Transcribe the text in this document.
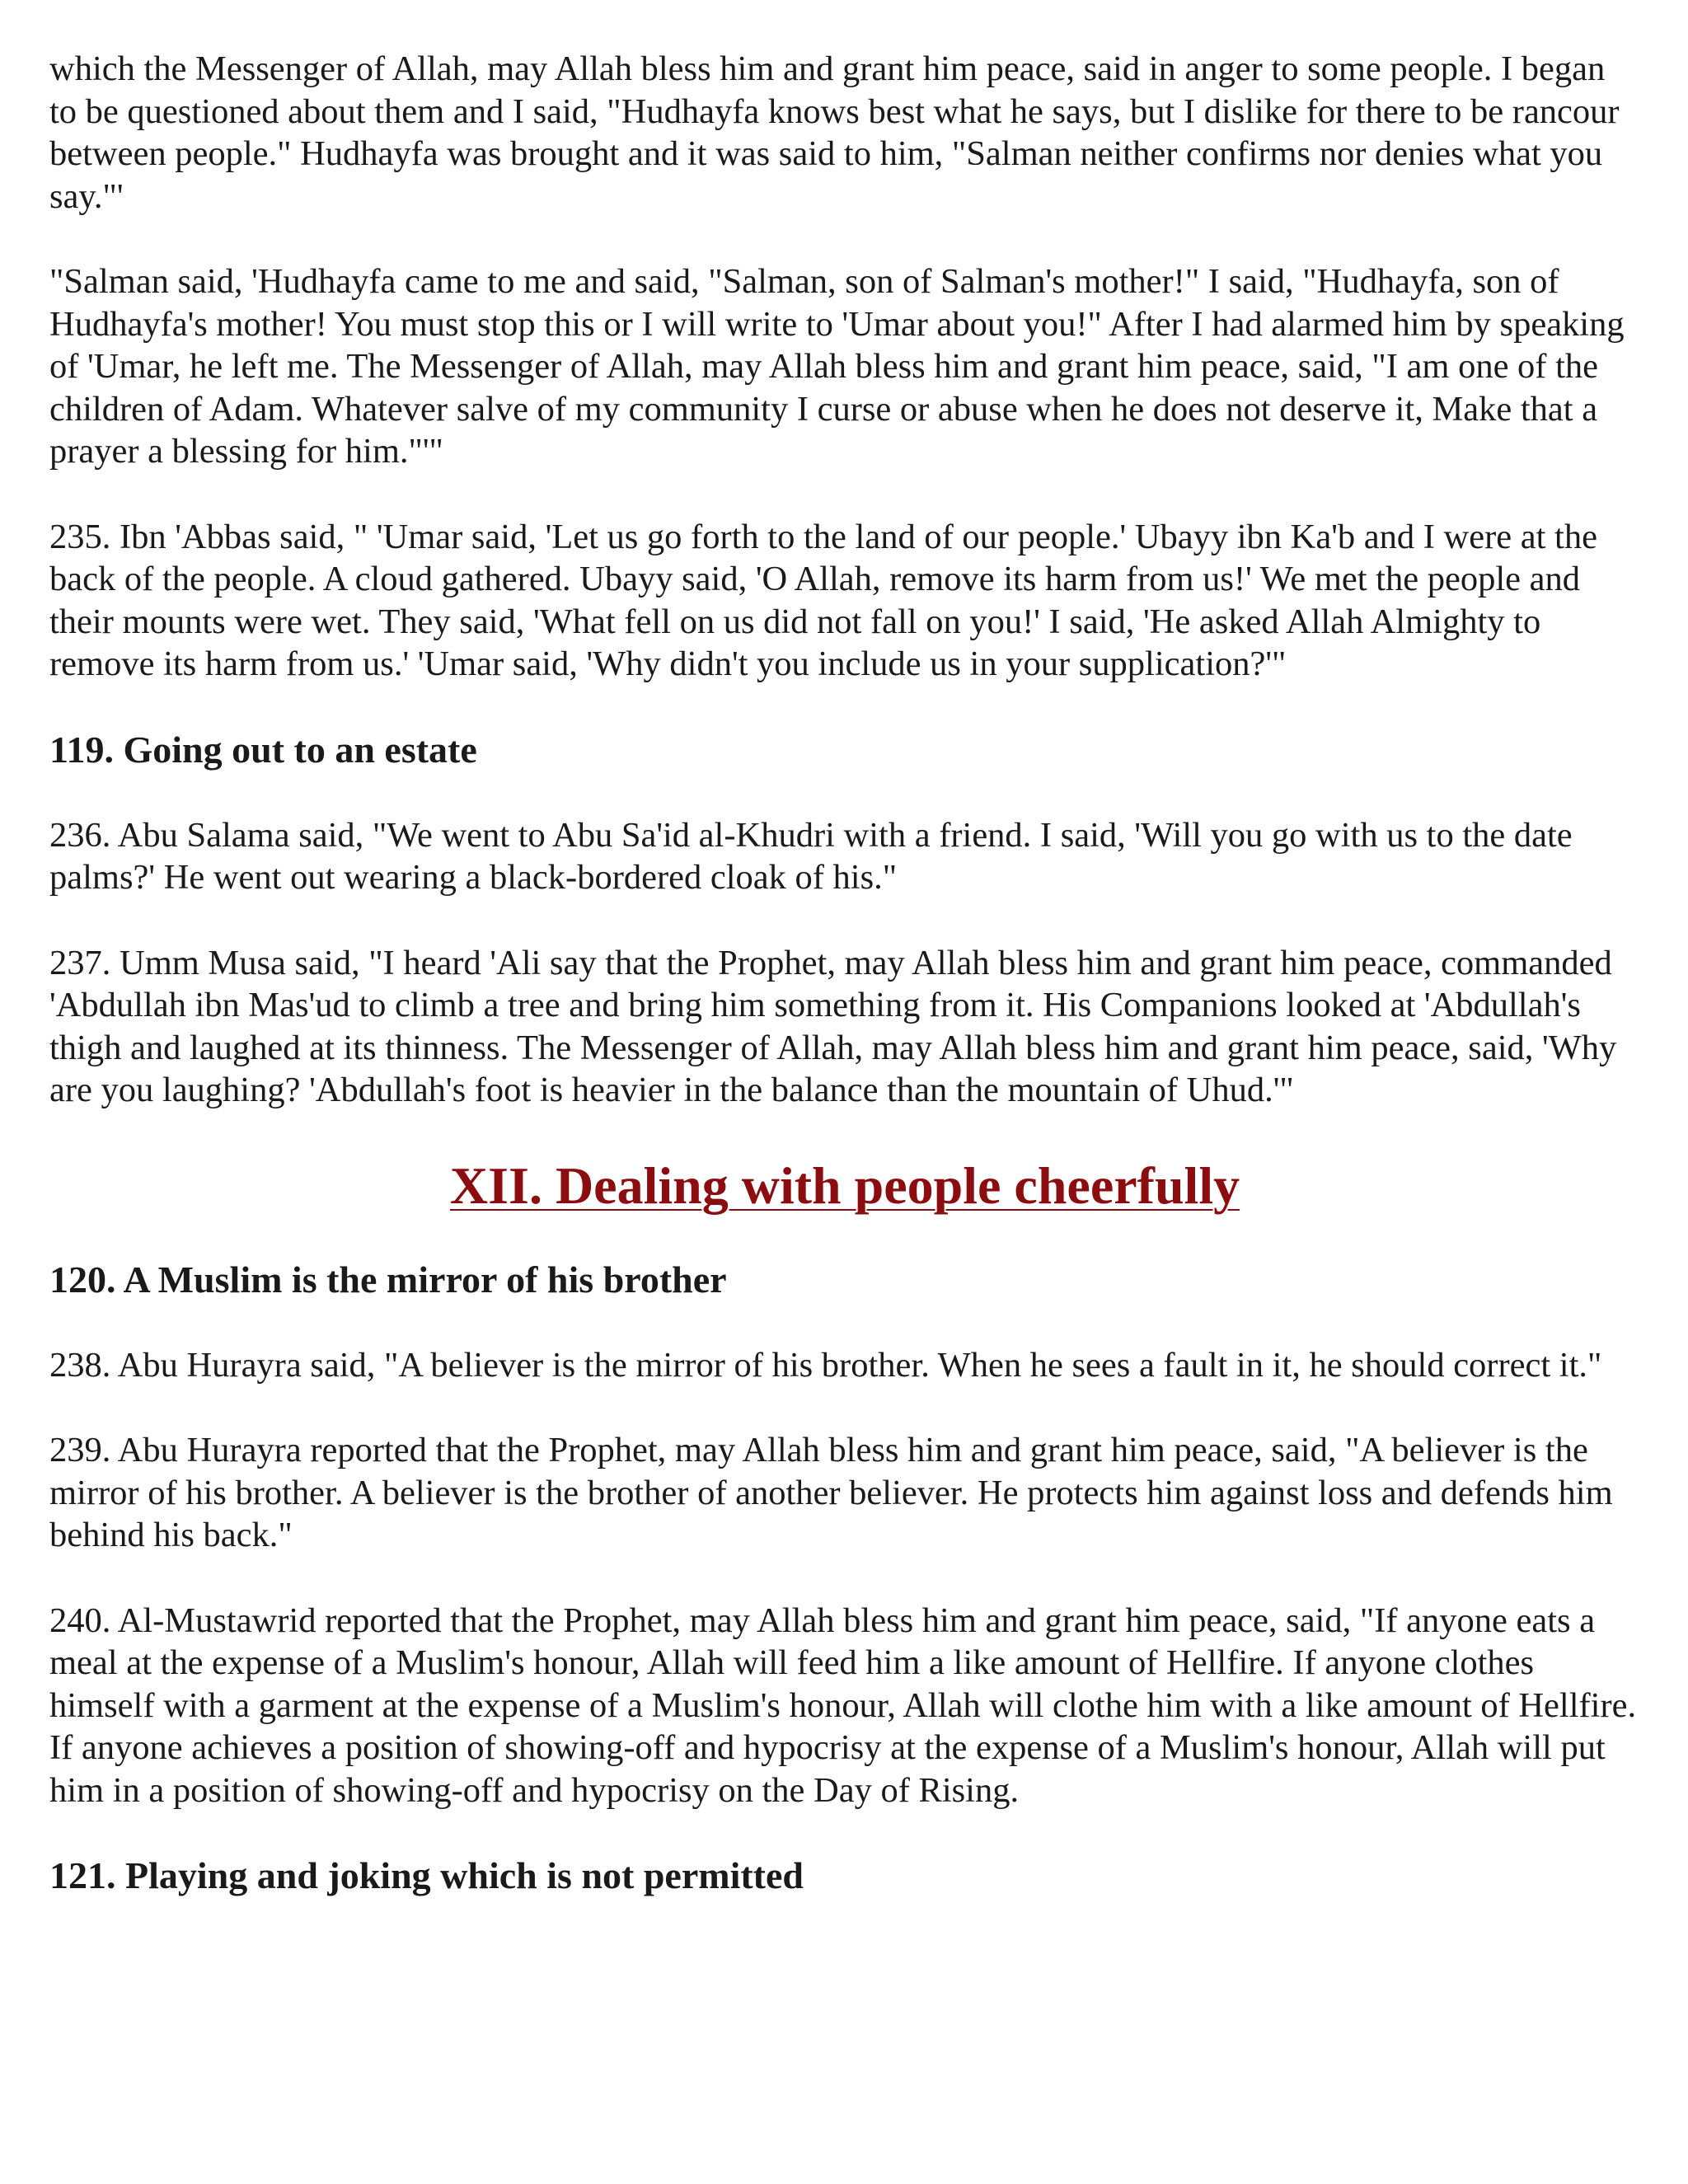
which the Messenger of Allah, may Allah bless him and grant him peace, said in anger to some people. I began to be questioned about them and I said, "Hudhayfa knows best what he says, but I dislike for there to be rancour between people." Hudhayfa was brought and it was said to him, "Salman neither confirms nor denies what you say."'

"Salman said, 'Hudhayfa came to me and said, "Salman, son of Salman's mother!" I said, "Hudhayfa, son of Hudhayfa's mother! You must stop this or I will write to 'Umar about you!" After I had alarmed him by speaking of 'Umar, he left me. The Messenger of Allah, may Allah bless him and grant him peace, said, "I am one of the children of Adam. Whatever salve of my community I curse or abuse when he does not deserve it, Make that a prayer a blessing for him."'"

235. Ibn 'Abbas said, " 'Umar said, 'Let us go forth to the land of our people.' Ubayy ibn Ka'b and I were at the back of the people. A cloud gathered. Ubayy said, 'O Allah, remove its harm from us!' We met the people and their mounts were wet. They said, 'What fell on us did not fall on you!' I said, 'He asked Allah Almighty to remove its harm from us.' 'Umar said, 'Why didn't you include us in your supplication?'"

119. Going out to an estate

236. Abu Salama said, "We went to Abu Sa'id al-Khudri with a friend. I said, 'Will you go with us to the date palms?' He went out wearing a black-bordered cloak of his."

237. Umm Musa said, "I heard 'Ali say that the Prophet, may Allah bless him and grant him peace, commanded 'Abdullah ibn Mas'ud to climb a tree and bring him something from it. His Companions looked at 'Abdullah's thigh and laughed at its thinness. The Messenger of Allah, may Allah bless him and grant him peace, said, 'Why are you laughing? 'Abdullah's foot is heavier in the balance than the mountain of Uhud.'"

XII. Dealing with people cheerfully
120. A Muslim is the mirror of his brother

238. Abu Hurayra said, "A believer is the mirror of his brother. When he sees a fault in it, he should correct it."

239. Abu Hurayra reported that the Prophet, may Allah bless him and grant him peace, said, "A believer is the mirror of his brother. A believer is the brother of another believer. He protects him against loss and defends him behind his back."

240. Al-Mustawrid reported that the Prophet, may Allah bless him and grant him peace, said, "If anyone eats a meal at the expense of a Muslim's honour, Allah will feed him a like amount of Hellfire. If anyone clothes himself with a garment at the expense of a Muslim's honour, Allah will clothe him with a like amount of Hellfire. If anyone achieves a position of showing-off and hypocrisy at the expense of a Muslim's honour, Allah will put him in a position of showing-off and hypocrisy on the Day of Rising.

121. Playing and joking which is not permitted
